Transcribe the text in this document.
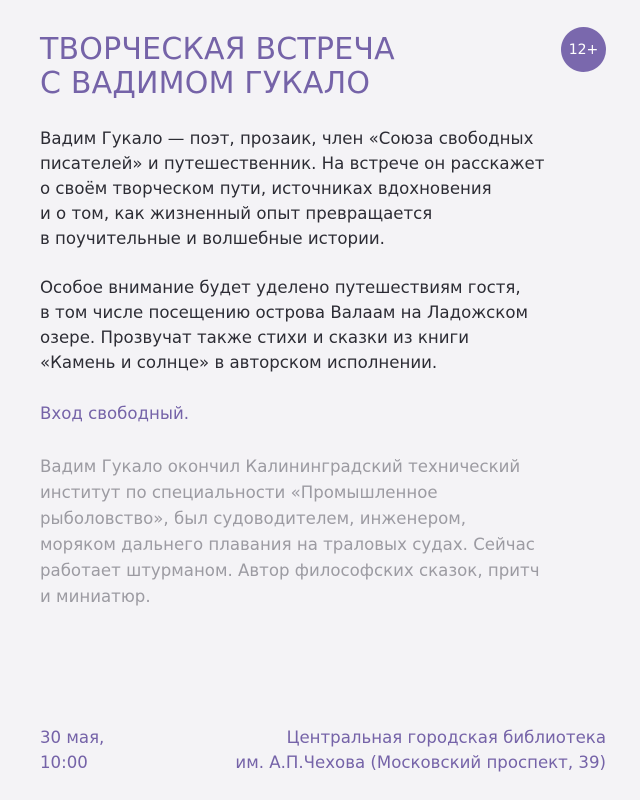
ТВОРЧЕСКАЯ ВСТРЕЧА
С ВАДИМОМ ГУКАЛО
12+
Вадим Гукало — поэт, прозаик, член «Союза свободных
писателей» и путешественник. На встрече он расскажет
о своём творческом пути, источниках вдохновения
и о том, как жизненный опыт превращается
в поучительные и волшебные истории.
Особое внимание будет уделено путешествиям гостя,
в том числе посещению острова Валаам на Ладожском
озере. Прозвучат также стихи и сказки из книги
«Камень и солнце» в авторском исполнении.
Вход свободный.
Вадим Гукало окончил Калининградский технический
институт по специальности «Промышленное
рыболовство», был судоводителем, инженером,
моряком дальнего плавания на траловых судах. Сейчас
работает штурманом. Автор философских сказок, притч
и миниатюр.
30 мая,
10:00
Центральная городская библиотека
им. А.П.Чехова (Московский проспект, 39)
